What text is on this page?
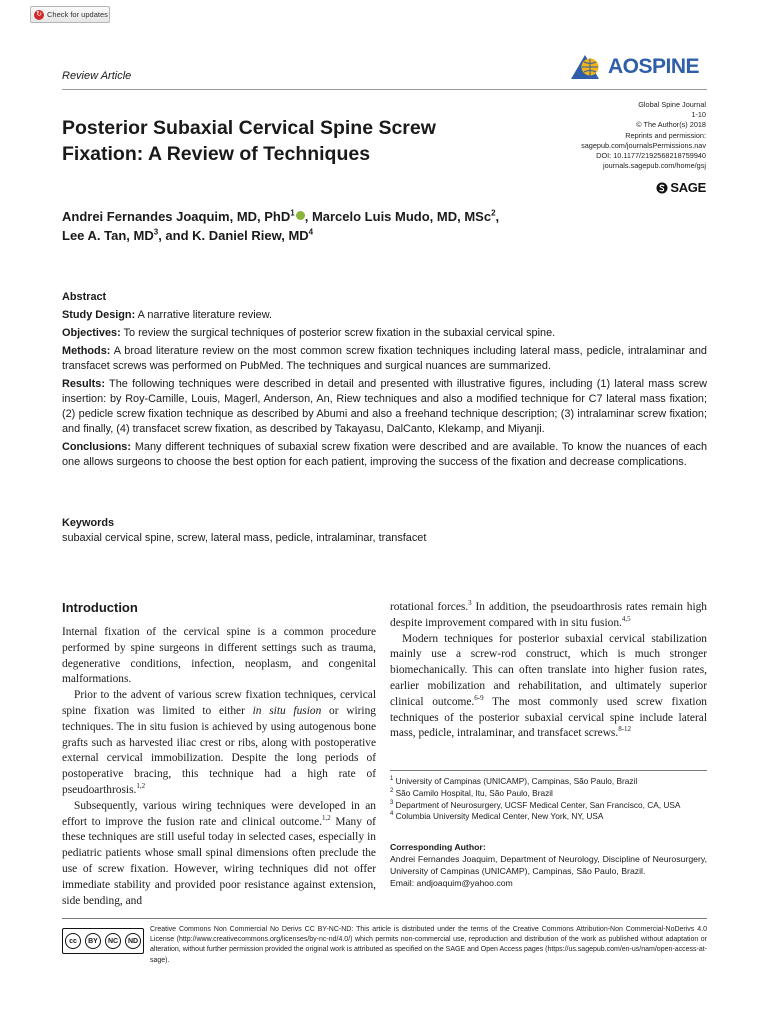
↻ Check for updates
Review Article	AOSPINE
Global Spine Journal
1-10
© The Author(s) 2018
Reprints and permission:
sagepub.com/journalsPermissions.nav
DOI: 10.1177/2192568218759940
journals.sagepub.com/home/gsj
SAGE
Posterior Subaxial Cervical Spine Screw Fixation: A Review of Techniques
Andrei Fernandes Joaquim, MD, PhD$^1$ , Marcelo Luis Mudo, MD, MSc$^2$,
Lee A. Tan, $MD^3$, and K. Daniel Riew, $MD^4$

Abstract

Study Design: A narrative literature review.

Objectives: To review the surgical techniques of posterior screw fixation in the subaxial cervical spine.

Methods: A broad literature review on the most common screw fixation techniques including lateral mass, pedicle, intralaminar and transfacet screws was performed on PubMed. The techniques and surgical nuances are summarized.

Results: The following techniques were described in detail and presented with illustrative figures, including (1) lateral mass screw insertion: by Roy-Camille, Louis, Magerl, Anderson, An, Riew techniques and also a modified technique for C7 lateral mass fixation; (2) pedicle screw fixation technique as described by Abumi and also a freehand technique description; (3) intralaminar screw fixation; and finally, (4) transfacet screw fixation, as described by Takayasu, DalCanto, Klekamp, and Miyanji.

Conclusions: Many different techniques of subaxial screw fixation were described and are available. To know the nuances of each one allows surgeons to choose the best option for each patient, improving the success of the fixation and decrease complications.

Keywords
subaxial cervical spine, screw, lateral mass, pedicle, intralaminar, transfacet
Introduction

Internal fixation of the cervical spine is a common procedure performed by spine surgeons in different settings such as trauma, degenerative conditions, infection, neoplasm, and congenital malformations.

Prior to the advent of various screw fixation techniques, cervical spine fixation was limited to either in situ fusion or wiring techniques. The in situ fusion is achieved by using autogenous bone grafts such as harvested iliac crest or ribs, along with postoperative external cervical immobilization. Despite the long periods of postoperative bracing, this technique had a high rate of pseudoarthrosis.$^{1,2}$

Subsequently, various wiring techniques were developed in an effort to improve the fusion rate and clinical outcome.$^{1,2}$ Many of these techniques are still useful today in selected cases, especially in pediatric patients whose small spinal dimensions often preclude the use of screw fixation. However, wiring techniques did not offer immediate stability and provided poor resistance against extension, side bending, and

rotational forces.$^3$ In addition, the pseudoarthrosis rates remain high despite improvement compared with in situ fusion.$^{4,5}$

Modern techniques for posterior subaxial cervical stabilization mainly use a screw-rod construct, which is much stronger biomechanically. This can often translate into higher fusion rates, earlier mobilization and rehabilitation, and ultimately superior clinical outcome.$^{6-9}$ The most commonly used screw fixation techniques of the posterior subaxial cervical spine include lateral mass, pedicle, intralaminar, and transfacet screws.$^{8-12}$

$^1$ University of Campinas (UNICAMP), Campinas, São Paulo, Brazil
$^2$ São Camilo Hospital, Itu, São Paulo, Brazil
$^3$ Department of Neurosurgery, UCSF Medical Center, San Francisco, CA, USA
$^4$ Columbia University Medical Center, New York, NY, USA
Corresponding Author:
Andrei Fernandes Joaquim, Department of Neurology, Discipline of Neurosurgery, University of Campinas (UNICAMP), Campinas, São Paulo, Brazil.
Email: andjoaquim@yahoo.com
cc	BY	NC	ND
Creative Commons Non Commercial No Derivs CC BY-NC-ND: This article is distributed under the terms of the Creative Commons Attribution-Non Commercial-NoDerivs 4.0 License (http://www.creativecommons.org/licenses/by-nc-nd/4.0/) which permits non-commercial use, reproduction and distribution of the work as published without adaptation or alteration, without further permission provided the original work is attributed as specified on the SAGE and Open Access pages (https://us.sagepub.com/en-us/nam/open-access-at-sage).
